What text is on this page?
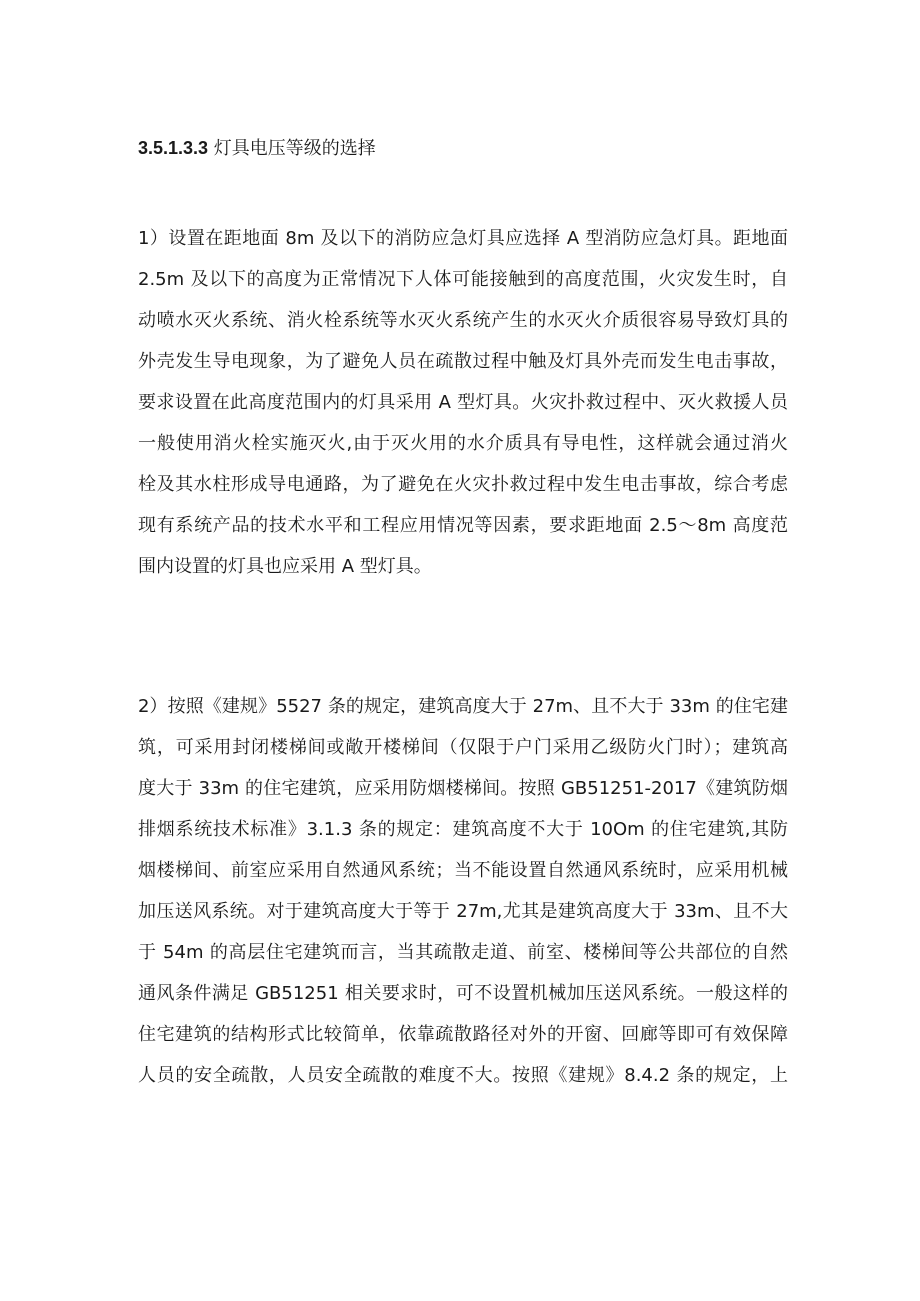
3.5.1.3.3 灯具电压等级的选择
1）设置在距地面 8m 及以下的消防应急灯具应选择 A 型消防应急灯具。距地面
2.5m 及以下的高度为正常情况下人体可能接触到的高度范围，火灾发生时，自
动喷水灭火系统、消火栓系统等水灭火系统产生的水灭火介质很容易导致灯具的
外壳发生导电现象，为了避免人员在疏散过程中触及灯具外壳而发生电击事故，
要求设置在此高度范围内的灯具采用 A 型灯具。火灾扑救过程中、灭火救援人员
一般使用消火栓实施灭火,由于灭火用的水介质具有导电性，这样就会通过消火
栓及其水柱形成导电通路，为了避免在火灾扑救过程中发生电击事故，综合考虑
现有系统产品的技术水平和工程应用情况等因素，要求距地面 2.5～8m 高度范
围内设置的灯具也应采用 A 型灯具。
2）按照《建规》5527 条的规定，建筑高度大于 27m、且不大于 33m 的住宅建
筑，可采用封闭楼梯间或敞开楼梯间（仅限于户门采用乙级防火门时）；建筑高
度大于 33m 的住宅建筑，应采用防烟楼梯间。按照 GB51251-2017《建筑防烟
排烟系统技术标准》3.1.3 条的规定：建筑高度不大于 10Om 的住宅建筑,其防
烟楼梯间、前室应采用自然通风系统；当不能设置自然通风系统时，应采用机械
加压送风系统。对于建筑高度大于等于 27m,尤其是建筑高度大于 33m、且不大
于 54m 的高层住宅建筑而言，当其疏散走道、前室、楼梯间等公共部位的自然
通风条件满足 GB51251 相关要求时，可不设置机械加压送风系统。一般这样的
住宅建筑的结构形式比较简单，依靠疏散路径对外的开窗、回廊等即可有效保障
人员的安全疏散，人员安全疏散的难度不大。按照《建规》8.4.2 条的规定，上
